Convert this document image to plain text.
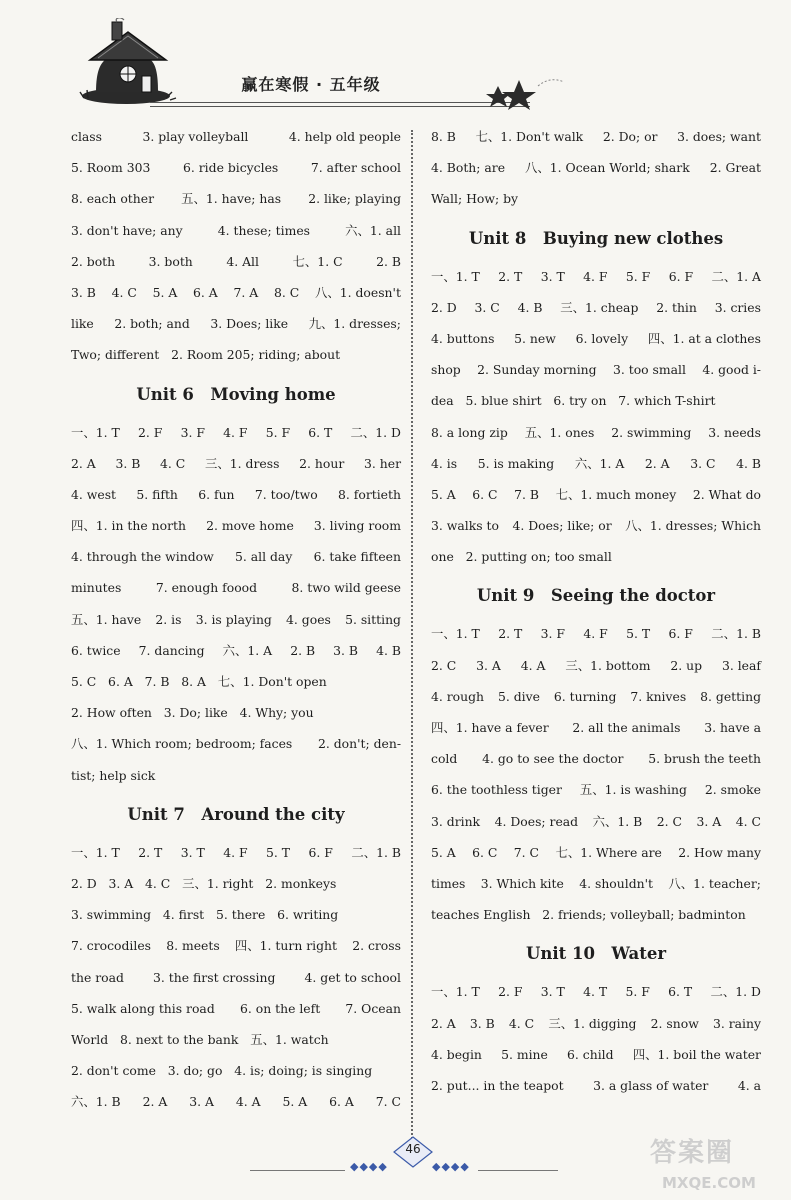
赢在寒假 · 五年级
class	3. play volleyball	4. help old people
5. Room 303	6. ride bicycles	7. after school
8. each other 五、1. have; has 2. like; playing
3. don't have; any	4. these; times	六、1. all
2. both	3. both	4. All	七、1. C	2. B
3. B 4. C 5. A 6. A 7. A 8. C 八、1. doesn't
like 2. both; and 3. Does; like 九、1. dresses;
Two; different   2. Room 205; riding; about
Unit 6　Moving home
一、1. T 2. F 3. F 4. F 5. F 6. T 二、1. D
2. A 3. B 4. C 三、1. dress 2. hour 3. her
4. west 5. fifth 6. fun 7. too/two 8. fortieth
四、1. in the north 2. move home 3. living room
4. through the window 5. all day 6. take fifteen
minutes	7. enough foood	8. two wild geese
五、1. have 2. is 3. is playing 4. goes 5. sitting
6. twice 7. dancing 六、1. A 2. B 3. B 4. B
5. C   6. A   7. B   8. A   七、1. Don't open
2. How often   3. Do; like   4. Why; you
八、1. Which room; bedroom; faces 2. don't; den-
tist; help sick
Unit 7　Around the city
一、1. T 2. T 3. T 4. F 5. T 6. F 二、1. B
2. D   3. A   4. C   三、1. right   2. monkeys
3. swimming   4. first   5. there   6. writing
7. crocodiles 8. meets 四、1. turn right 2. cross
the road 3. the first crossing 4. get to school
5. walk along this road 6. on the left 7. Ocean
World   8. next to the bank   五、1. watch
2. don't come   3. do; go   4. is; doing; is singing
六、1. B 2. A 3. A 4. A 5. A 6. A 7. C
8. B 七、1. Don't walk 2. Do; or 3. does; want
4. Both; are 八、1. Ocean World; shark 2. Great
Wall; How; by
Unit 8　Buying new clothes
一、1. T 2. T 3. T 4. F 5. F 6. F 二、1. A
2. D 3. C 4. B 三、1. cheap 2. thin 3. cries
4. buttons 5. new 6. lovely 四、1. at a clothes
shop 2. Sunday morning 3. too small 4. good i-
dea   5. blue shirt   6. try on   7. which T-shirt
8. a long zip 五、1. ones 2. swimming 3. needs
4. is 5. is making 六、1. A 2. A 3. C 4. B
5. A 6. C 7. B 七、1. much money 2. What do
3. walks to 4. Does; like; or 八、1. dresses; Which
one   2. putting on; too small
Unit 9　Seeing the doctor
一、1. T 2. T 3. F 4. F 5. T 6. F 二、1. B
2. C 3. A 4. A 三、1. bottom 2. up 3. leaf
4. rough 5. dive 6. turning 7. knives 8. getting
四、1. have a fever 2. all the animals 3. have a
cold 4. go to see the doctor 5. brush the teeth
6. the toothless tiger 五、1. is washing 2. smoke
3. drink 4. Does; read 六、1. B 2. C 3. A 4. C
5. A 6. C 7. C 七、1. Where are 2. How many
times 3. Which kite 4. shouldn't 八、1. teacher;
teaches English   2. friends; volleyball; badminton
Unit 10　Water
一、1. T 2. F 3. T 4. T 5. F 6. T 二、1. D
2. A 3. B 4. C 三、1. digging 2. snow 3. rainy
4. begin 5. mine 6. child 四、1. boil the water
2. put... in the teapot 3. a glass of water 4. a
◆◆◆◆	◆◆◆◆
46	答案圈
MXQE.COM
